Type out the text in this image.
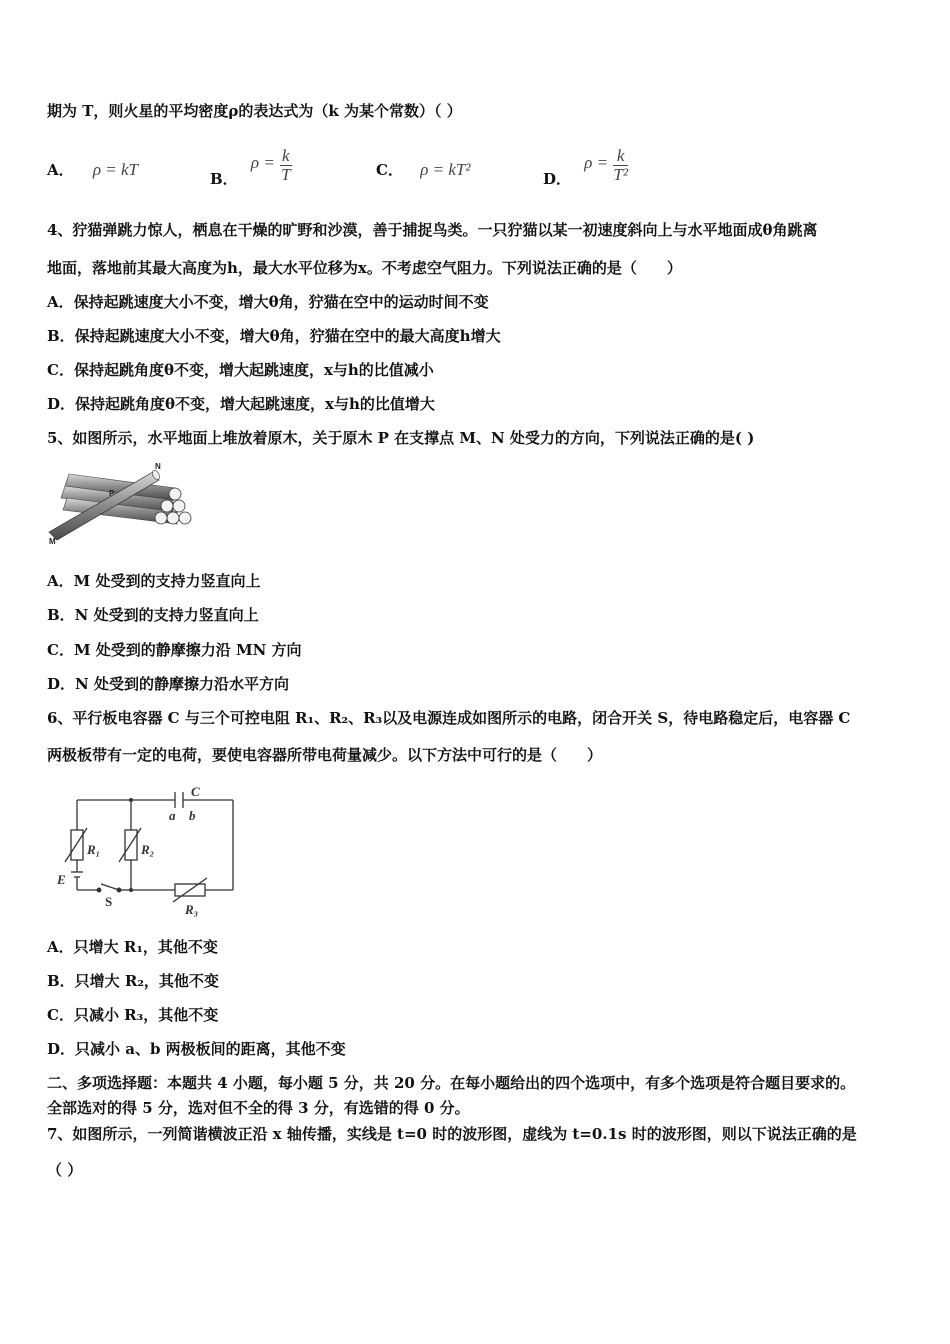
期为 T，则火星的平均密度ρ的表达式为（k 为某个常数）（ ）
A． ρ = kT	B． $\rho = \frac{k}{T}$	C． ρ = kT²	D． $\rho = \frac{k}{\text{T²}}$
4、狞猫弹跳力惊人，栖息在干燥的旷野和沙漠，善于捕捉鸟类。一只狞猫以某一初速度斜向上与水平地面成θ角跳离
地面，落地前其最大高度为h，最大水平位移为x。不考虑空气阻力。下列说法正确的是（　　）
A．保持起跳速度大小不变，增大θ角，狞猫在空中的运动时间不变
B．保持起跳速度大小不变，增大θ角，狞猫在空中的最大高度h增大
C．保持起跳角度θ不变，增大起跳速度，x与h的比值减小
D．保持起跳角度θ不变，增大起跳速度，x与h的比值增大
5、如图所示，水平地面上堆放着原木，关于原木 P 在支撑点 M、N 处受力的方向，下列说法正确的是( )
N
P
M
A．M 处受到的支持力竖直向上
B．N 处受到的支持力竖直向上
C．M 处受到的静摩擦力沿 MN 方向
D．N 处受到的静摩擦力沿水平方向
6、平行板电容器 C 与三个可控电阻 R₁、R₂、R₃以及电源连成如图所示的电路，闭合开关 S，待电路稳定后，电容器 C
两极板带有一定的电荷，要使电容器所带电荷量减少。以下方法中可行的是（　　）
C
a b
R₁	R₂
R₃
E
S
A．只增大 R₁，其他不变
B．只增大 R₂，其他不变
C．只减小 R₃，其他不变
D．只减小 a、b 两极板间的距离，其他不变
二、多项选择题：本题共 4 小题，每小题 5 分，共 20 分。在每小题给出的四个选项中，有多个选项是符合题目要求的。
全部选对的得 5 分，选对但不全的得 3 分，有选错的得 0 分。
7、如图所示，一列简谐横波正沿 x 轴传播，实线是 t=0 时的波形图，虚线为 t=0.1s 时的波形图，则以下说法正确的是
（ ）
